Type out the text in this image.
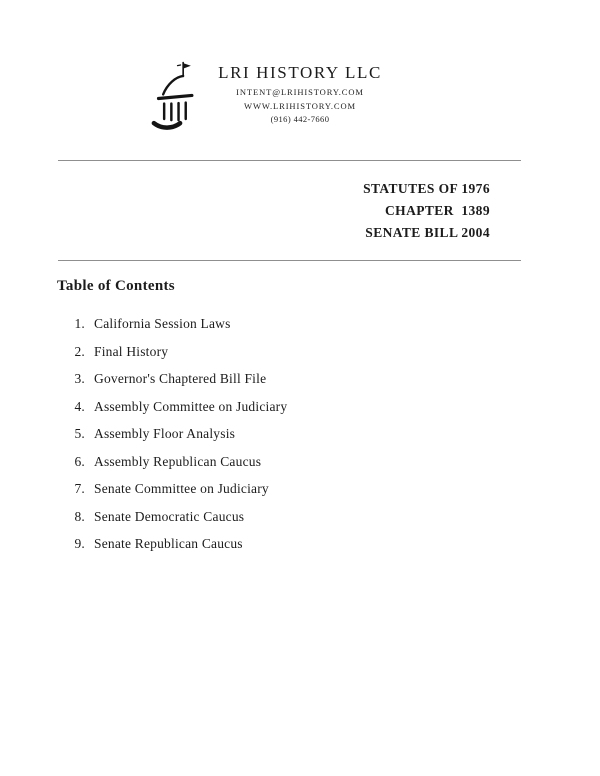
LRI HISTORY LLC
INTENT@LRIHISTORY.COM
WWW.LRIHISTORY.COM
(916) 442-7660
STATUTES OF 1976
CHAPTER  1389
SENATE BILL 2004
Table of Contents
1. California Session Laws
2. Final History
3. Governor's Chaptered Bill File
4. Assembly Committee on Judiciary
5. Assembly Floor Analysis
6. Assembly Republican Caucus
7. Senate Committee on Judiciary
8. Senate Democratic Caucus
9. Senate Republican Caucus
